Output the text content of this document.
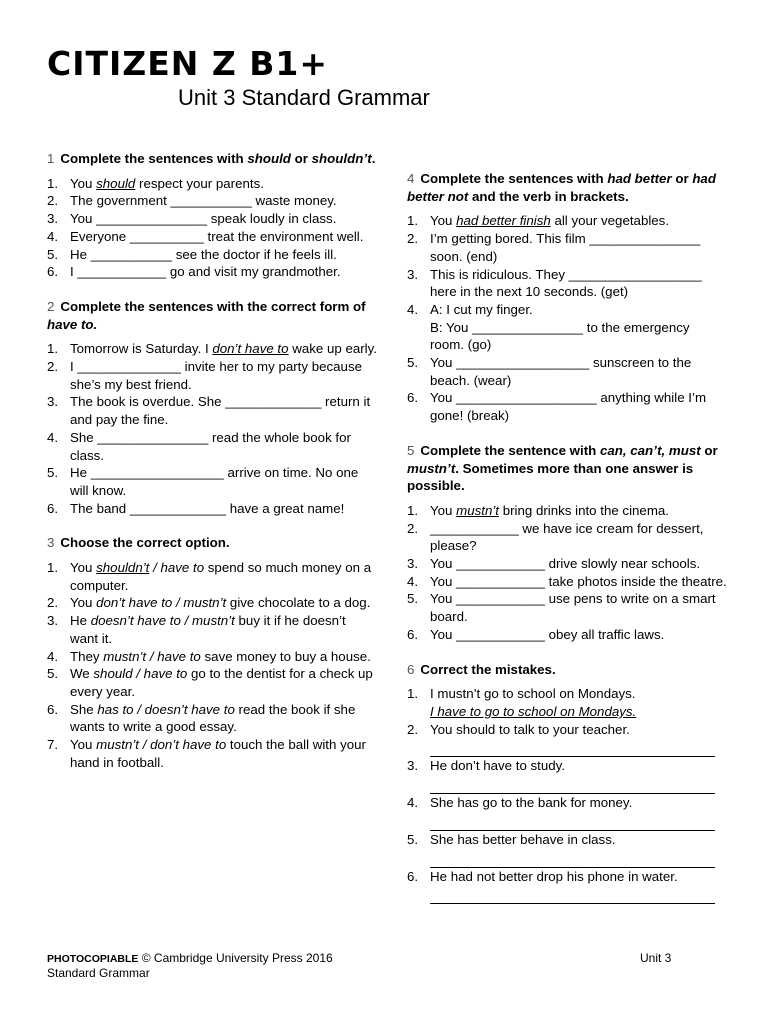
CITIZEN Z B1+
Unit 3 Standard Grammar
1 Complete the sentences with should or shouldn’t.
1. You should respect your parents.
2. The government ___________ waste money.
3. You _______________ speak loudly in class.
4. Everyone __________ treat the environment well.
5. He ___________ see the doctor if he feels ill.
6. I ____________ go and visit my grandmother.
2 Complete the sentences with the correct form of have to.
1. Tomorrow is Saturday. I don’t have to wake up early.
2. I ______________ invite her to my party because she’s my best friend.
3. The book is overdue. She _____________ return it and pay the fine.
4. She _______________ read the whole book for class.
5. He __________________ arrive on time. No one will know.
6. The band _____________ have a great name!
3 Choose the correct option.
1. You shouldn’t / have to spend so much money on a computer.
2. You don’t have to / mustn’t give chocolate to a dog.
3. He doesn’t have to / mustn’t buy it if he doesn’t want it.
4. They mustn’t / have to save money to buy a house.
5. We should / have to go to the dentist for a check up every year.
6. She has to / doesn’t have to read the book if she wants to write a good essay.
7. You mustn’t / don’t have to touch the ball with your hand in football.
4 Complete the sentences with had better or had better not and the verb in brackets.
1. You had better finish all your vegetables.
2. I’m getting bored. This film _______________ soon. (end)
3. This is ridiculous. They __________________ here in the next 10 seconds. (get)
4. A: I cut my finger.
B: You _______________ to the emergency room. (go)
5. You __________________ sunscreen to the beach. (wear)
6. You ___________________ anything while I’m gone! (break)
5 Complete the sentence with can, can’t, must or mustn’t. Sometimes more than one answer is possible.
1. You mustn’t bring drinks into the cinema.
2. ____________ we have ice cream for dessert, please?
3. You ____________ drive slowly near schools.
4. You ____________ take photos inside the theatre.
5. You ____________ use pens to write on a smart board.
6. You ____________ obey all traffic laws.
6 Correct the mistakes.
1. I mustn’t go to school on Mondays.
I have to go to school on Mondays.
2. You should to talk to your teacher.
3. He don’t have to study.
4. She has go to the bank for money.
5. She has better behave in class.
6. He had not better drop his phone in water.
PHOTOCOPIABLE © Cambridge University Press 2016
Standard Grammar
Unit 3
